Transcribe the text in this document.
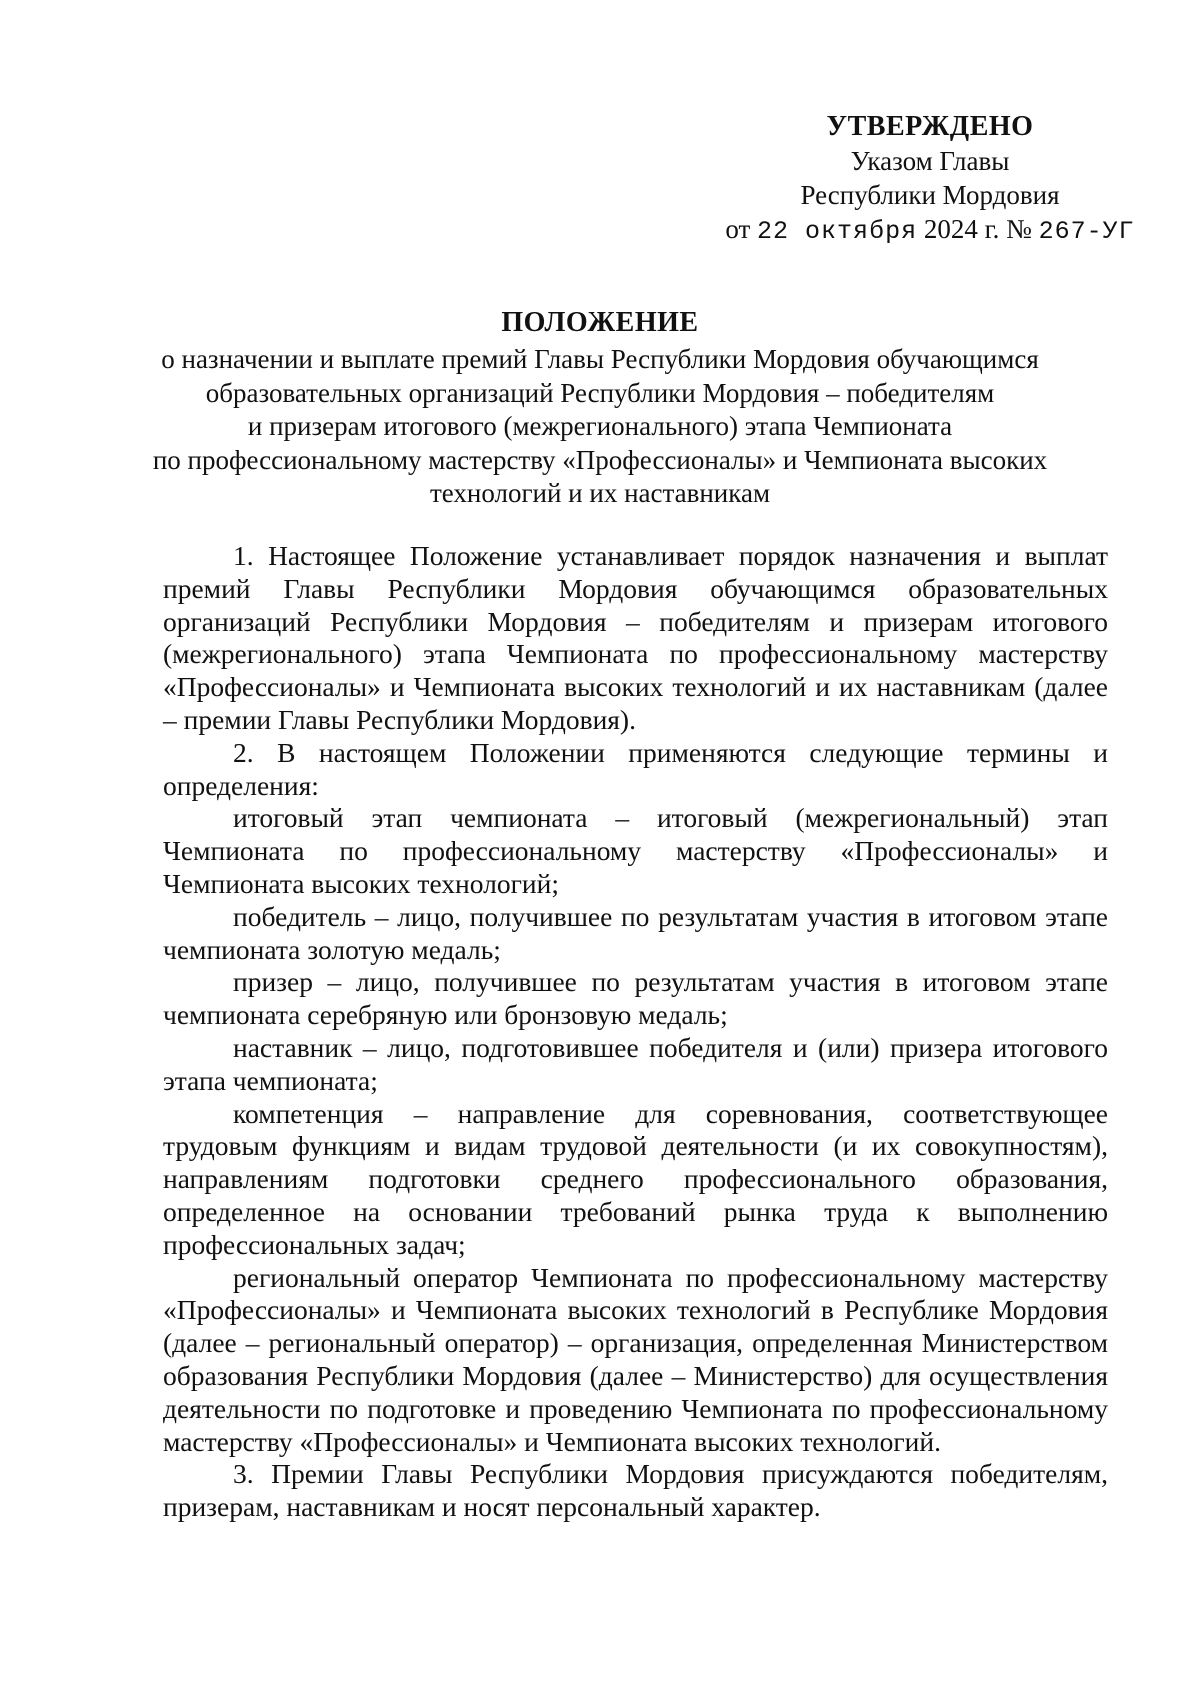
УТВЕРЖДЕНО
Указом Главы
Республики Мордовия
от 22 октября 2024 г. № 267-УГ
ПОЛОЖЕНИЕ
о назначении и выплате премий Главы Республики Мордовия обучающимся
образовательных организаций Республики Мордовия – победителям
и призерам итогового (межрегионального) этапа Чемпионата
по профессиональному мастерству «Профессионалы» и Чемпионата высоких
технологий и их наставникам

1. Настоящее Положение устанавливает порядок назначения и выплат премий Главы Республики Мордовия обучающимся образовательных организаций Республики Мордовия – победителям и призерам итогового (межрегионального) этапа Чемпионата по профессиональному мастерству «Профессионалы» и Чемпионата высоких технологий и их наставникам (далее – премии Главы Республики Мордовия).

2. В настоящем Положении применяются следующие термины и определения:

итоговый этап чемпионата – итоговый (межрегиональный) этап Чемпионата по профессиональному мастерству «Профессионалы» и Чемпионата высоких технологий;

победитель – лицо, получившее по результатам участия в итоговом этапе чемпионата золотую медаль;

призер – лицо, получившее по результатам участия в итоговом этапе чемпионата серебряную или бронзовую медаль;

наставник – лицо, подготовившее победителя и (или) призера итогового этапа чемпионата;

компетенция – направление для соревнования, соответствующее трудовым функциям и видам трудовой деятельности (и их совокупностям), направлениям подготовки среднего профессионального образования, определенное на основании требований рынка труда к выполнению профессиональных задач;

региональный оператор Чемпионата по профессиональному мастерству «Профессионалы» и Чемпионата высоких технологий в Республике Мордовия (далее – региональный оператор) – организация, определенная Министерством образования Республики Мордовия (далее – Министерство) для осуществления деятельности по подготовке и проведению Чемпионата по профессиональному мастерству «Профессионалы» и Чемпионата высоких технологий.

3. Премии Главы Республики Мордовия присуждаются победителям, призерам, наставникам и носят персональный характер.
